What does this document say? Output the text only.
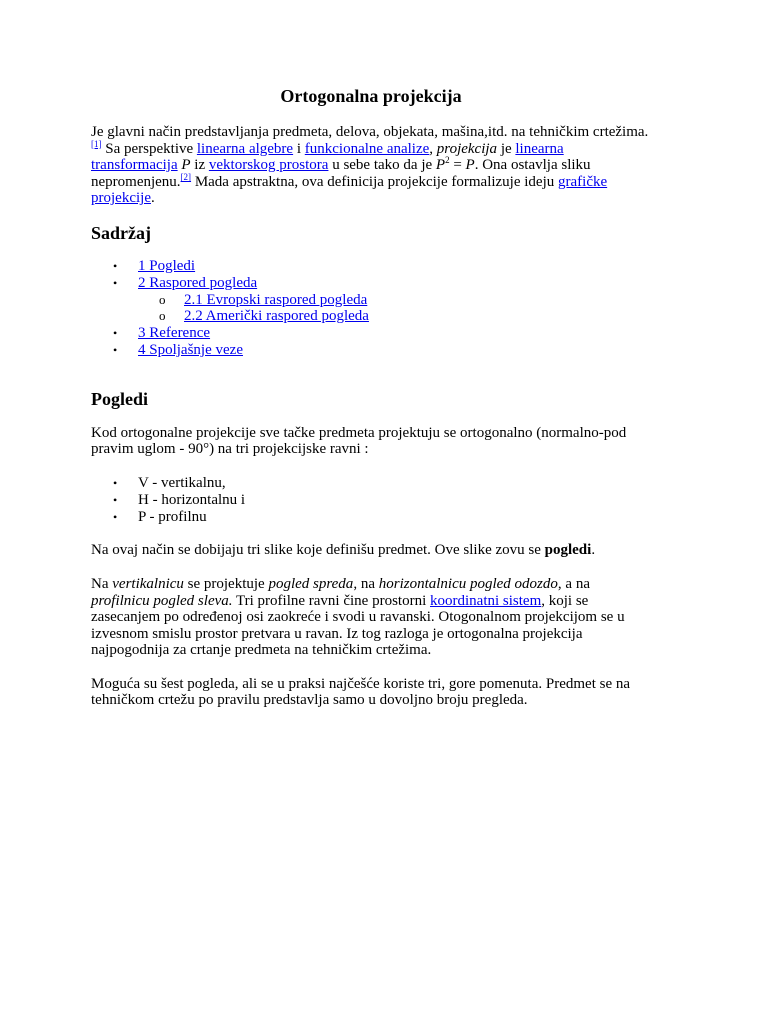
Ortogonalna projekcija

Je glavni način predstavljanja predmeta, delova, objekata, mašina,itd. na tehničkim crtežima.[1] Sa perspektive linearna algebre i funkcionalne analize, projekcija je linearna transformacija P iz vektorskog prostora u sebe tako da je $P^2 = P$. Ona ostavlja sliku nepromenjenu.[2] Mada apstraktna, ova definicija projekcije formalizuje ideju grafičke projekcije.

Sadržaj
• 1 Pogledi
• 2 Raspored pogleda
o 2.1 Evropski raspored pogleda
o 2.2 Američki raspored pogleda
• 3 Reference
• 4 Spoljašnje veze
Pogledi

Kod ortogonalne projekcije sve tačke predmeta projektuju se ortogonalno (normalno-pod pravim uglom - 90°) na tri projekcijske ravni :

• V - vertikalnu,
• H - horizontalnu i
• P - profilnu

Na ovaj način se dobijaju tri slike koje definišu predmet. Ove slike zovu se pogledi.

Na vertikalnicu se projektuje pogled spreda, na horizontalnicu pogled odozdo, a na profilnicu pogled sleva. Tri profilne ravni čine prostorni koordinatni sistem, koji se zasecanjem po određenoj osi zaokreće i svodi u ravanski. Otogonalnom projekcijom se u izvesnom smislu prostor pretvara u ravan. Iz tog razloga je ortogonalna projekcija najpogodnija za crtanje predmeta na tehničkim crtežima.

Moguća su šest pogleda, ali se u praksi najčešće koriste tri, gore pomenuta. Predmet se na tehničkom crtežu po pravilu predstavlja samo u dovoljno broju pregleda.
